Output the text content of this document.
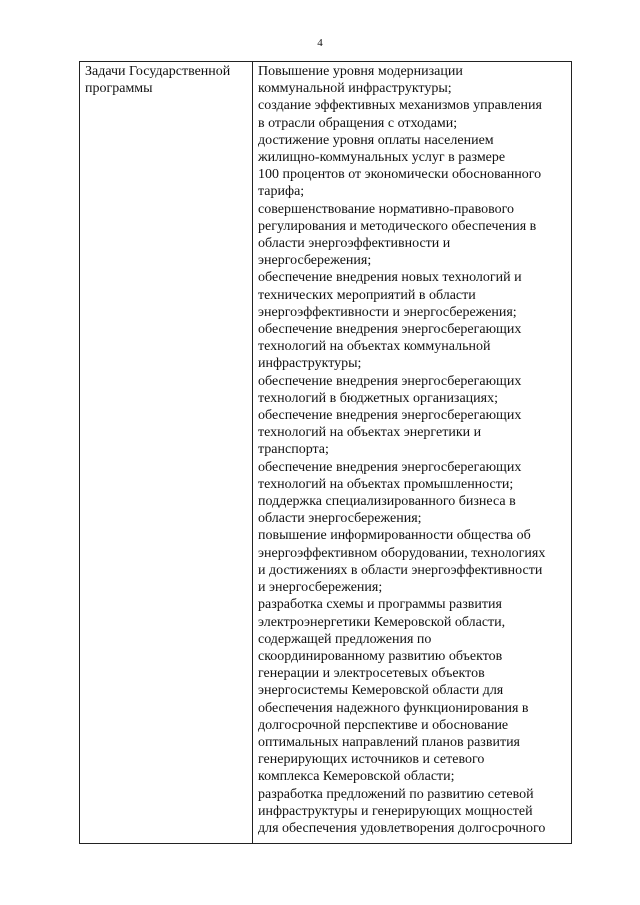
4
Задачи Государственной
программы
Повышение уровня модернизации
коммунальной инфраструктуры;
создание эффективных механизмов управления
в отрасли обращения с отходами;
достижение уровня оплаты населением
жилищно-коммунальных услуг в размере
100 процентов от экономически обоснованного
тарифа;
совершенствование нормативно-правового
регулирования и методического обеспечения в
области энергоэффективности и
энергосбережения;
обеспечение внедрения новых технологий и
технических мероприятий в области
энергоэффективности и энергосбережения;
обеспечение внедрения энергосберегающих
технологий на объектах коммунальной
инфраструктуры;
обеспечение внедрения энергосберегающих
технологий в бюджетных организациях;
обеспечение внедрения энергосберегающих
технологий на объектах энергетики и
транспорта;
обеспечение внедрения энергосберегающих
технологий на объектах промышленности;
поддержка специализированного бизнеса в
области энергосбережения;
повышение информированности общества об
энергоэффективном оборудовании, технологиях
и достижениях в области энергоэффективности
и энергосбережения;
разработка схемы и программы развития
электроэнергетики Кемеровской области,
содержащей предложения по
скоординированному развитию объектов
генерации и электросетевых объектов
энергосистемы Кемеровской области для
обеспечения надежного функционирования в
долгосрочной перспективе и обоснование
оптимальных направлений планов развития
генерирующих источников и сетевого
комплекса Кемеровской области;
разработка предложений по развитию сетевой
инфраструктуры и генерирующих мощностей
для обеспечения удовлетворения долгосрочного
